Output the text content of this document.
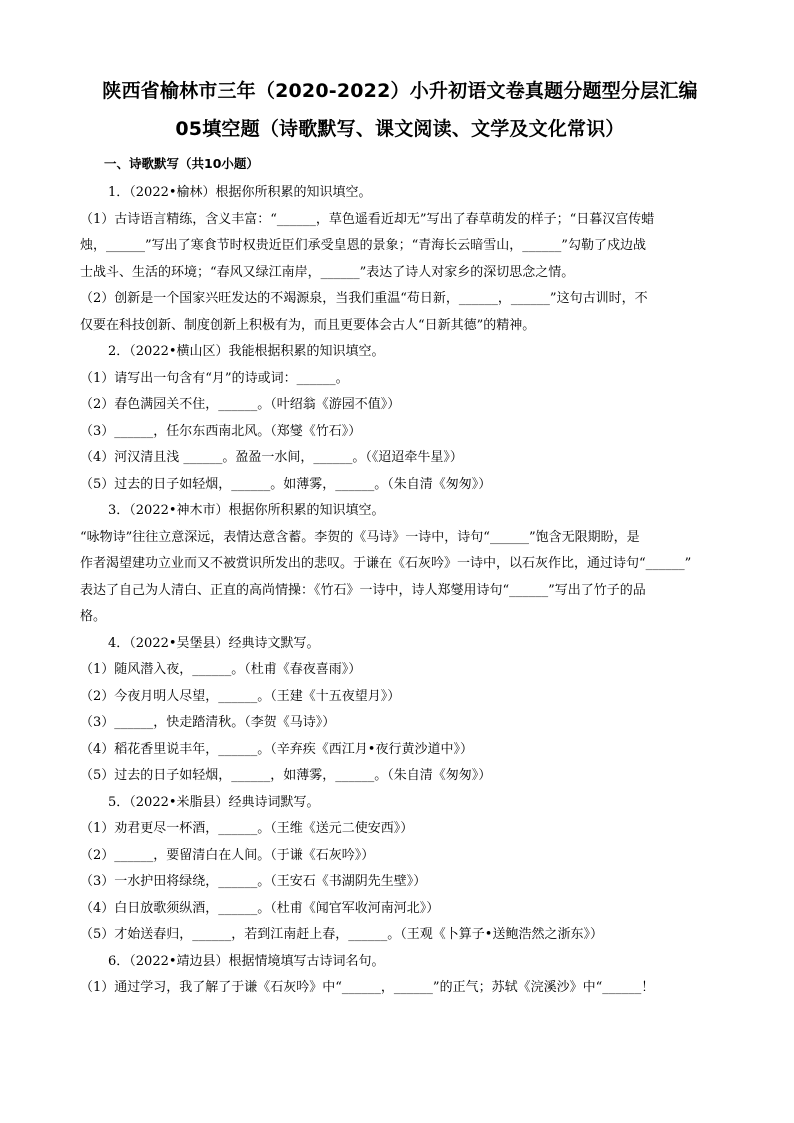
陕西省榆林市三年（2020-2022）小升初语文卷真题分题型分层汇编
05填空题（诗歌默写、课文阅读、文学及文化常识）
一、诗歌默写（共10小题）

1．（2022•榆林）根据你所积累的知识填空。

（1）古诗语言精练，含义丰富：“______，草色遥看近却无”写出了春草萌发的样子；“日暮汉宫传蜡

烛，______”写出了寒食节时权贵近臣们承受皇恩的景象；“青海长云暗雪山，______”勾勒了戍边战

士战斗、生活的环境；“春风又绿江南岸，______”表达了诗人对家乡的深切思念之情。

（2）创新是一个国家兴旺发达的不竭源泉，当我们重温“苟日新，______，______”这句古训时，不

仅要在科技创新、制度创新上积极有为，而且更要体会古人“日新其德”的精神。

2．（2022•横山区）我能根据积累的知识填空。

（1）请写出一句含有“月”的诗或词：______。

（2）春色满园关不住，______。（叶绍翁《游园不值》）

（3）______，任尔东西南北风。（郑燮《竹石》）

（4）河汉清且浅 ______。盈盈一水间，______。（《迢迢牵牛星》）

（5）过去的日子如轻烟，______。如薄雾，______。（朱自清《匆匆》）

3．（2022•神木市）根据你所积累的知识填空。

“咏物诗”往往立意深远，表情达意含蓄。李贺的《马诗》一诗中，诗句“______”饱含无限期盼，是

作者渴望建功立业而又不被赏识所发出的悲叹。于谦在《石灰吟》一诗中，以石灰作比，通过诗句“______”

表达了自己为人清白、正直的高尚情操：《竹石》一诗中，诗人郑燮用诗句“______”写出了竹子的品

格。

4．（2022•吴堡县）经典诗文默写。

（1）随风潜入夜，______。（杜甫《春夜喜雨》）

（2）今夜月明人尽望，______。（王建《十五夜望月》）

（3）______，快走踏清秋。（李贺《马诗》）

（4）稻花香里说丰年，______。（辛弃疾《西江月•夜行黄沙道中》）

（5）过去的日子如轻烟，______，如薄雾，______。（朱自清《匆匆》）

5．（2022•米脂县）经典诗词默写。

（1）劝君更尽一杯酒，______。（王维《送元二使安西》）

（2）______，要留清白在人间。（于谦《石灰吟》）

（3）一水护田将绿绕，______。（王安石《书湖阴先生壁》）

（4）白日放歌须纵酒，______。（杜甫《闻官军收河南河北》）

（5）才始送春归，______，若到江南赶上春，______。（王观《卜算子•送鲍浩然之浙东》）

6．（2022•靖边县）根据情境填写古诗词名句。

（1）通过学习，我了解了于谦《石灰吟》中“______，______”的正气；苏轼《浣溪沙》中“______！
